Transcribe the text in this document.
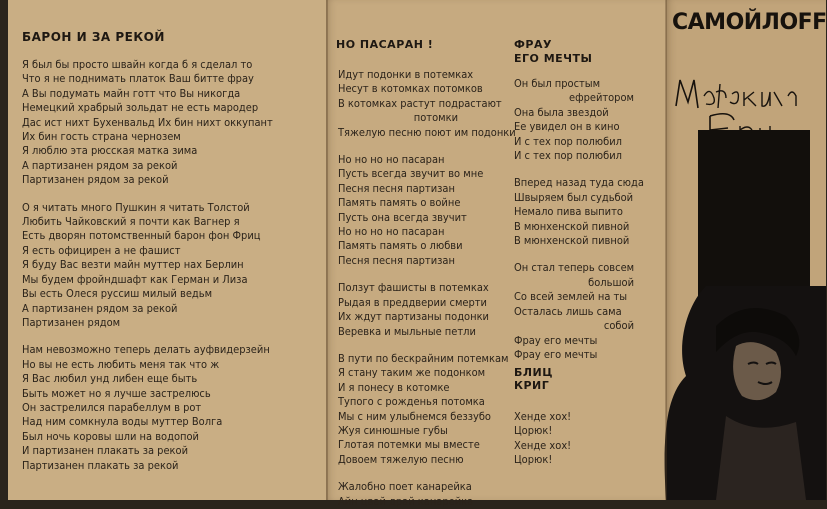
БАРОН И ЗА РЕКОЙ
Я был бы просто швайн когда б я сделал то
Что я не поднимать платок Ваш битте фрау
А Вы подумать майн готт что Вы никогда
Немецкий храбрый зольдат не есть мародер
Дас ист нихт Бухенвальд Их бин нихт оккупант
Их бин гость страна чернозем
Я люблю эта рюсская матка зима
А партизанен рядом за рекой
Партизанен рядом за рекой
О я читать много Пушкин я читать Толстой
Любить Чайковский я почти как Вагнер я
Есть дворян потомственный барон фон Фриц
Я есть официрен а не фашист
Я буду Вас везти майн муттер нах Берлин
Мы будем фройндшафт как Герман и Лиза
Вы есть Олеся руссиш милый ведьм
А партизанен рядом за рекой
Партизанен рядом
Нам невозможно теперь делать ауфвидерзейн
Но вы не есть любить меня так что ж
Я Вас любил унд либен еще быть
Быть может но я лучше застрелюсь
Он застрелился парабеллум в рот
Над ним сомкнула воды муттер Волга
Был ночь коровы шли на водопой
И партизанен плакать за рекой
Партизанен плакать за рекой
НО ПАСАРАН !
Идут подонки в потемках
Несут в котомках потомков
В котомках растут подрастают
потомки
Тяжелую песню поют им подонки
Но но но но пасаран
Пусть всегда звучит во мне
Песня песня партизан
Память память о войне
Пусть она всегда звучит
Но но но но пасаран
Память память о любви
Песня песня партизан
Ползут фашисты в потемках
Рыдая в преддверии смерти
Их ждут партизаны подонки
Веревка и мыльные петли
В пути по бескрайним потемкам
Я стану таким же подонком
И я понесу в котомке
Тупого с рожденья потомка
Мы с ним улыбнемся беззубо
Жуя синюшные губы
Глотая потемки мы вместе
Довоем тяжелую песню
Жалобно поет канарейка
Айн цвай драй канарейка
ФРАУ
ЕГО МЕЧТЫ
Он был простым
ефрейтором
Она была звездой
Ее увидел он в кино
И с тех пор полюбил
И с тех пор полюбил
Вперед назад туда сюда
Швыряем был судьбой
Немало пива выпито
В мюнхенской пивной
В мюнхенской пивной
Он стал теперь совсем
большой
Со всей землей на ты
Осталась лишь сама
собой
Фрау его мечты
Фрау его мечты
БЛИЦ
КРИГ
Хенде хох!
Цорюк!
Хенде хох!
Цорюк!
САМОЙЛОFF
